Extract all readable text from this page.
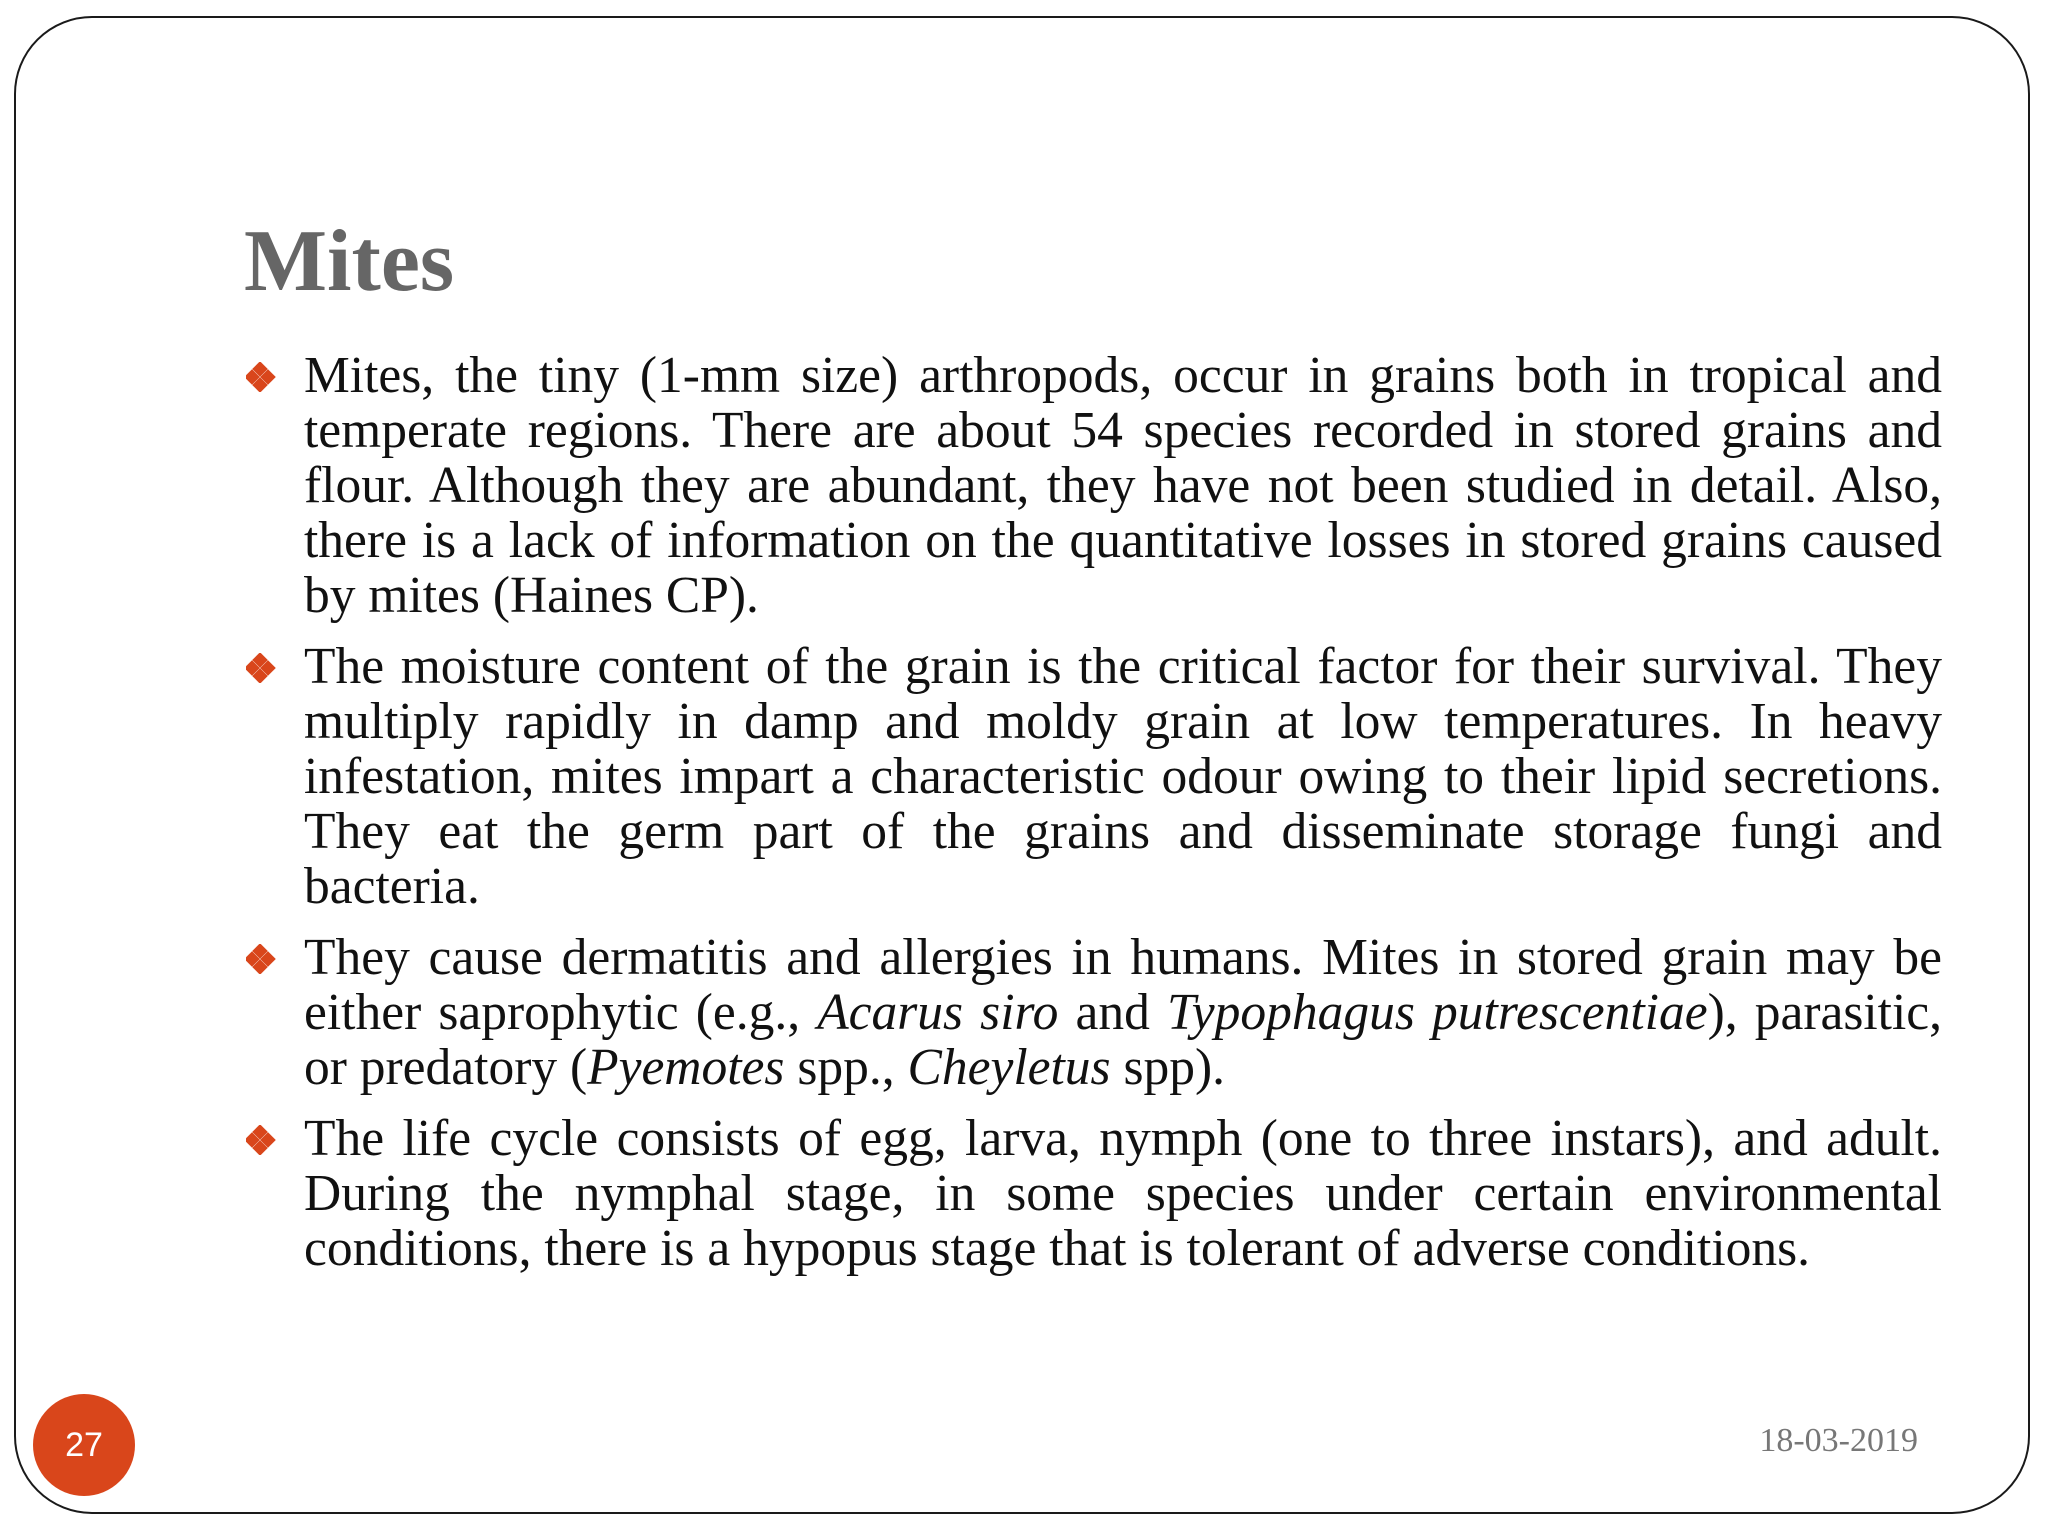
Mites
Mites, the tiny (1-mm size) arthropods, occur in grains both in tropical and temperate regions. There are about 54 species recorded in stored grains and flour. Although they are abundant, they have not been studied in detail. Also, there is a lack of information on the quantitative losses in stored grains caused by mites (Haines CP).
The moisture content of the grain is the critical factor for their survival. They multiply rapidly in damp and moldy grain at low temperatures. In heavy infestation, mites impart a characteristic odour owing to their lipid secretions. They eat the germ part of the grains and disseminate storage fungi and bacteria.
They cause dermatitis and allergies in humans. Mites in stored grain may be either saprophytic (e.g., Acarus siro and Typophagus putrescentiae), parasitic, or predatory (Pyemotes spp., Cheyletus spp).
The life cycle consists of egg, larva, nymph (one to three instars), and adult. During the nymphal stage, in some species under certain environmental conditions, there is a hypopus stage that is tolerant of adverse conditions.
27	18-03-2019
